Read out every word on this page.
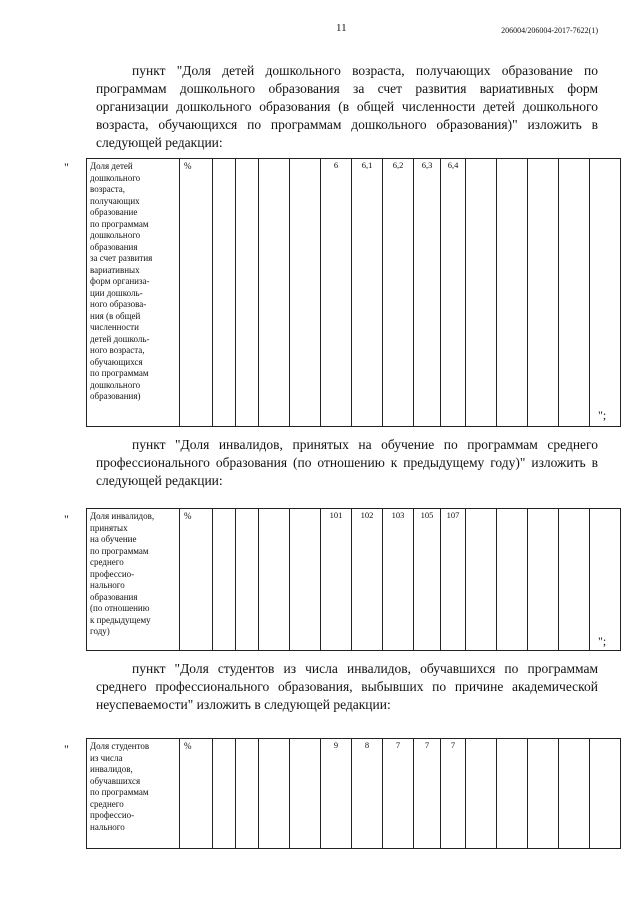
11	206004/206004-2017-7622(1)
пункт "Доля детей дошкольного возраста, получающих образование по программам дошкольного образования за счет развития вариативных форм организации дошкольного образования (в общей численности детей дошкольного возраста, обучающихся по программам дошкольного образования)" изложить в следующей редакции:
" Доля детей
дошкольного
возраста,
получающих
образование
по программам
дошкольного
образования
за счет развития
вариативных
форм организа-
ции дошколь-
ного образова-
ния (в общей
численности
детей дошколь-
ного возраста,
обучающихся
по программам
дошкольного
образования)
	%					6	6,1	6,2	6,3	6,4					
";
пункт "Доля инвалидов, принятых на обучение по программам среднего профессионального образования (по отношению к предыдущему году)" изложить в следующей редакции:
" Доля инвалидов,
принятых
на обучение
по программам
среднего
профессио-
нального
образования
(по отношению
к предыдущему
году)
	%					101	102	103	105	107					
";
пункт "Доля студентов из числа инвалидов, обучавшихся по программам среднего профессионального образования, выбывших по причине академической неуспеваемости" изложить в следующей редакции:
" Доля студентов
из числа
инвалидов,
обучавшихся
по программам
среднего
профессио-
нального
	%					9	8	7	7	7					
